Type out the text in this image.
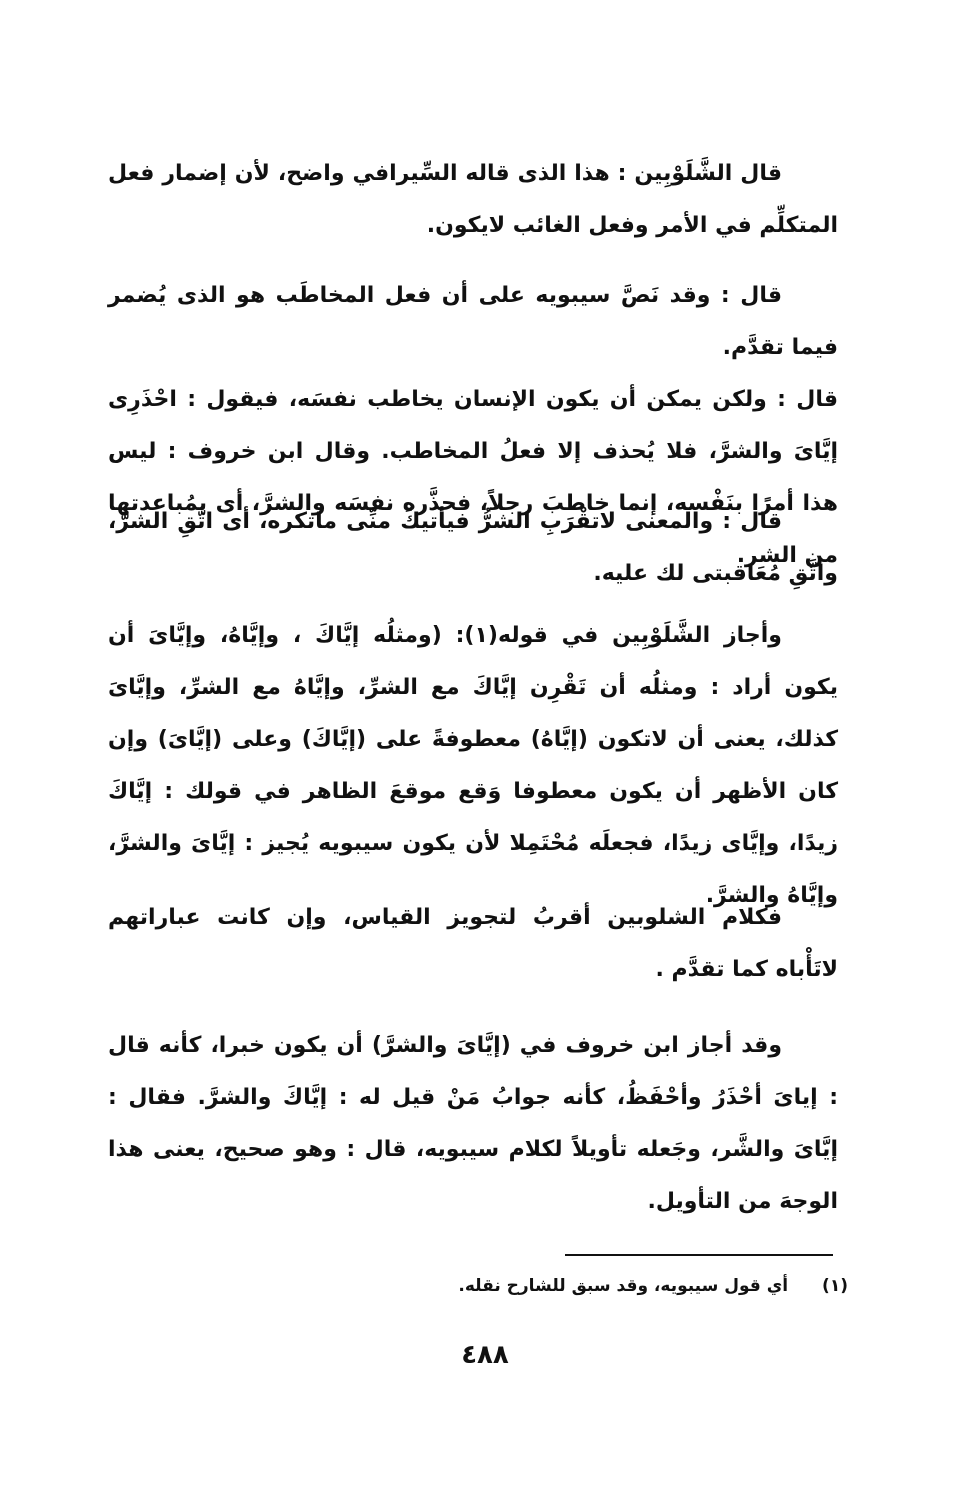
قال الشَّلَوْبِين : هذا الذى قاله السِّيرافي واضح، لأن إضمار فعل المتكلِّم في الأمر وفعل الغائب لايكون.

قال : وقد نَصَّ سيبويه على أن فعل المخاطَب هو الذى يُضمر فيما تقدَّم.

قال : ولكن يمكن أن يكون الإنسان يخاطب نفسَه، فيقول : احْذَرِى إيَّاىَ والشرَّ، فلا يُحذف إلا فعلُ المخاطب. وقال ابن خروف : ليس هذا أمرًا بنَفْسه، إنما خاطبَ رجلاً، فحذَّره نفسَه والشرَّ، أى بمُباعدتها من الشر.

قال : والمعنى لاتقْرَبِ الشرُّ فيأتيكَ منِّى ماتكره، أى اتَّقِ الشرَّ، واتَّقِ مُعَاقبتى لك عليه.

وأجاز الشَّلَوْبِين في قوله(١): (ومثلُه إيَّاكَ ، وإيَّاهُ، وإيَّاىَ أن يكون أراد : ومثلُه أن تَقْرِن إيَّاكَ مع الشرِّ، وإيَّاهُ مع الشرِّ، وإيَّاىَ كذلك، يعنى أن لاتكون (إيَّاهُ) معطوفةً على (إيَّاكَ) وعلى (إيَّاىَ) وإن كان الأظهر أن يكون معطوفا وَقع موقعَ الظاهر في قولك : إيَّاكَ زيدًا، وإيَّاى زيدًا، فجعلَه مُحْتَمِلا لأن يكون سيبويه يُجيز : إيَّاىَ والشرَّ، وإيَّاهُ والشرَّ.

فكلام الشلوبين أقربُ لتجويز القياس، وإن كانت عباراتهم لاتَأْباه كما تقدَّم .

وقد أجاز ابن خروف في (إيَّاىَ والشرَّ) أن يكون خبرا، كأنه قال : إياىَ أحْذَرُ وأحْفَظُ، كأنه جوابُ مَنْ قيل له : إيَّاكَ والشرَّ. فقال : إيَّاىَ والشَّر، وجَعله تأويلاً لكلام سيبويه، قال : وهو صحيح، يعنى هذا الوجهَ من التأويل.

(١) أي قول سيبويه، وقد سبق للشارح نقله.
٤٨٨
